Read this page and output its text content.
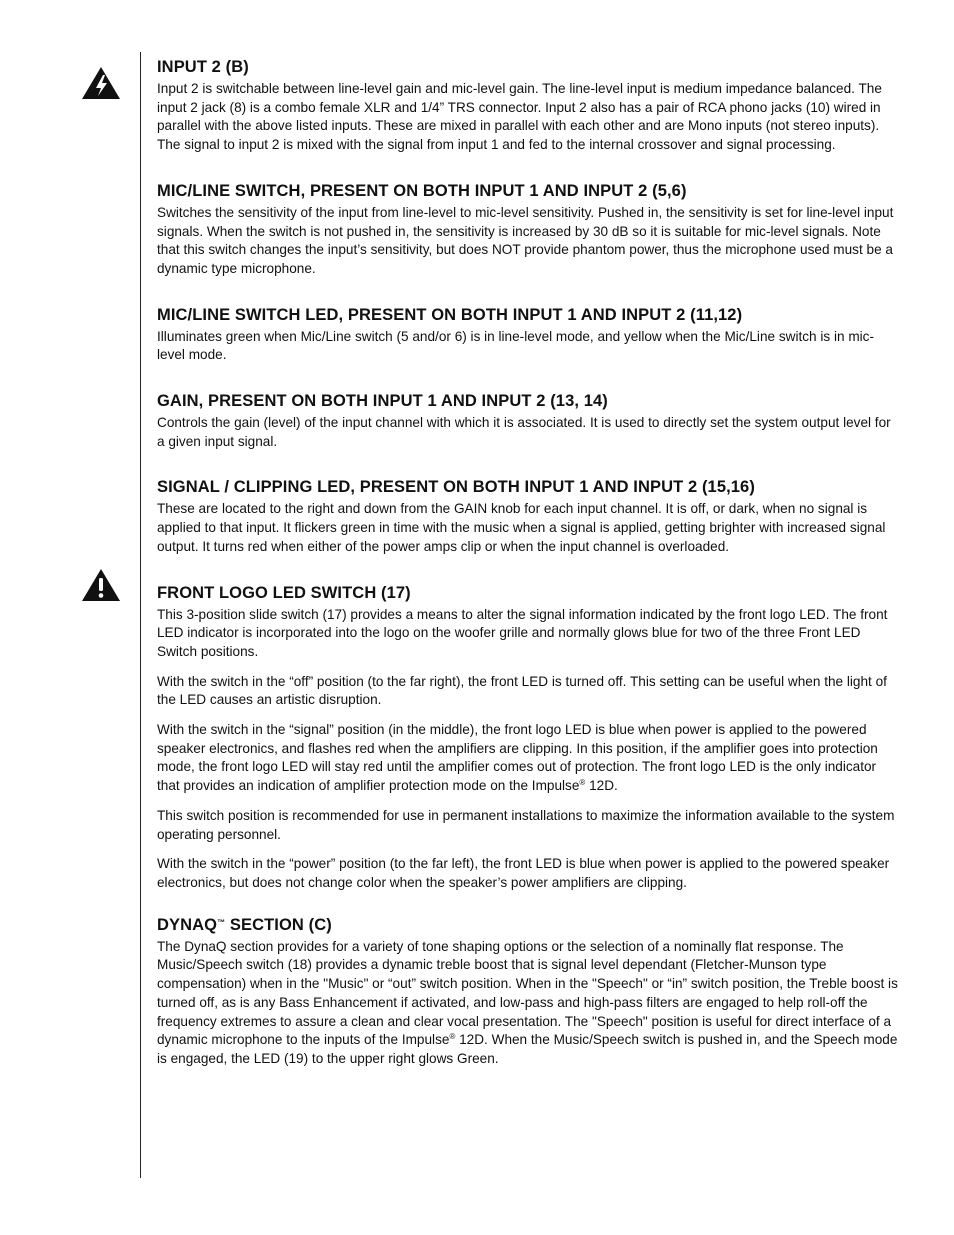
INPUT 2 (B)

Input 2 is switchable between line-level gain and mic-level gain. The line-level input is medium impedance balanced. The input 2 jack (8) is a combo female XLR and 1/4” TRS connector. Input 2 also has a pair of RCA phono jacks (10) wired in parallel with the above listed inputs. These are mixed in parallel with each other and are Mono inputs (not stereo inputs). The signal to input 2 is mixed with the signal from input 1 and fed to the internal crossover and signal processing.

MIC/LINE SWITCH, PRESENT ON BOTH INPUT 1 AND INPUT 2 (5,6)

Switches the sensitivity of the input from line-level to mic-level sensitivity. Pushed in, the sensitivity is set for line-level input signals. When the switch is not pushed in, the sensitivity is increased by 30 dB so it is suitable for mic-level signals. Note that this switch changes the input’s sensitivity, but does NOT provide phantom power, thus the microphone used must be a dynamic type microphone.

MIC/LINE SWITCH LED, PRESENT ON BOTH INPUT 1 AND INPUT 2 (11,12)

Illuminates green when Mic/Line switch (5 and/or 6) is in line-level mode, and yellow when the Mic/Line switch is in mic-level mode.

GAIN, PRESENT ON BOTH INPUT 1 AND INPUT 2 (13, 14)

Controls the gain (level) of the input channel with which it is associated. It is used to directly set the system output level for a given input signal.

SIGNAL / CLIPPING LED, PRESENT ON BOTH INPUT 1 AND INPUT 2 (15,16)

These are located to the right and down from the GAIN knob for each input channel. It is off, or dark, when no signal is applied to that input. It flickers green in time with the music when a signal is applied, getting brighter with increased signal output. It turns red when either of the power amps clip or when the input channel is overloaded.

FRONT LOGO LED SWITCH (17)

This 3-position slide switch (17) provides a means to alter the signal information indicated by the front logo LED. The front LED indicator is incorporated into the logo on the woofer grille and normally glows blue for two of the three Front LED Switch positions.

With the switch in the “off” position (to the far right), the front LED is turned off. This setting can be useful when the light of the LED causes an artistic disruption.

With the switch in the “signal” position (in the middle), the front logo LED is blue when power is applied to the powered speaker electronics, and flashes red when the amplifiers are clipping. In this position, if the amplifier goes into protection mode, the front logo LED will stay red until the amplifier comes out of protection. The front logo LED is the only indicator that provides an indication of amplifier protection mode on the Impulse® 12D.

This switch position is recommended for use in permanent installations to maximize the information available to the system operating personnel.

With the switch in the “power” position (to the far left), the front LED is blue when power is applied to the powered speaker electronics, but does not change color when the speaker’s power amplifiers are clipping.

DYNAQ™ SECTION (C)

The DynaQ section provides for a variety of tone shaping options or the selection of a nominally flat response. The Music/Speech switch (18) provides a dynamic treble boost that is signal level dependant (Fletcher-Munson type compensation) when in the "Music" or “out” switch position. When in the "Speech" or “in” switch position, the Treble boost is turned off, as is any Bass Enhancement if activated, and low-pass and high-pass filters are engaged to help roll-off the frequency extremes to assure a clean and clear vocal presentation. The "Speech" position is useful for direct interface of a dynamic microphone to the inputs of the Impulse® 12D. When the Music/Speech switch is pushed in, and the Speech mode is engaged, the LED (19) to the upper right glows Green.
